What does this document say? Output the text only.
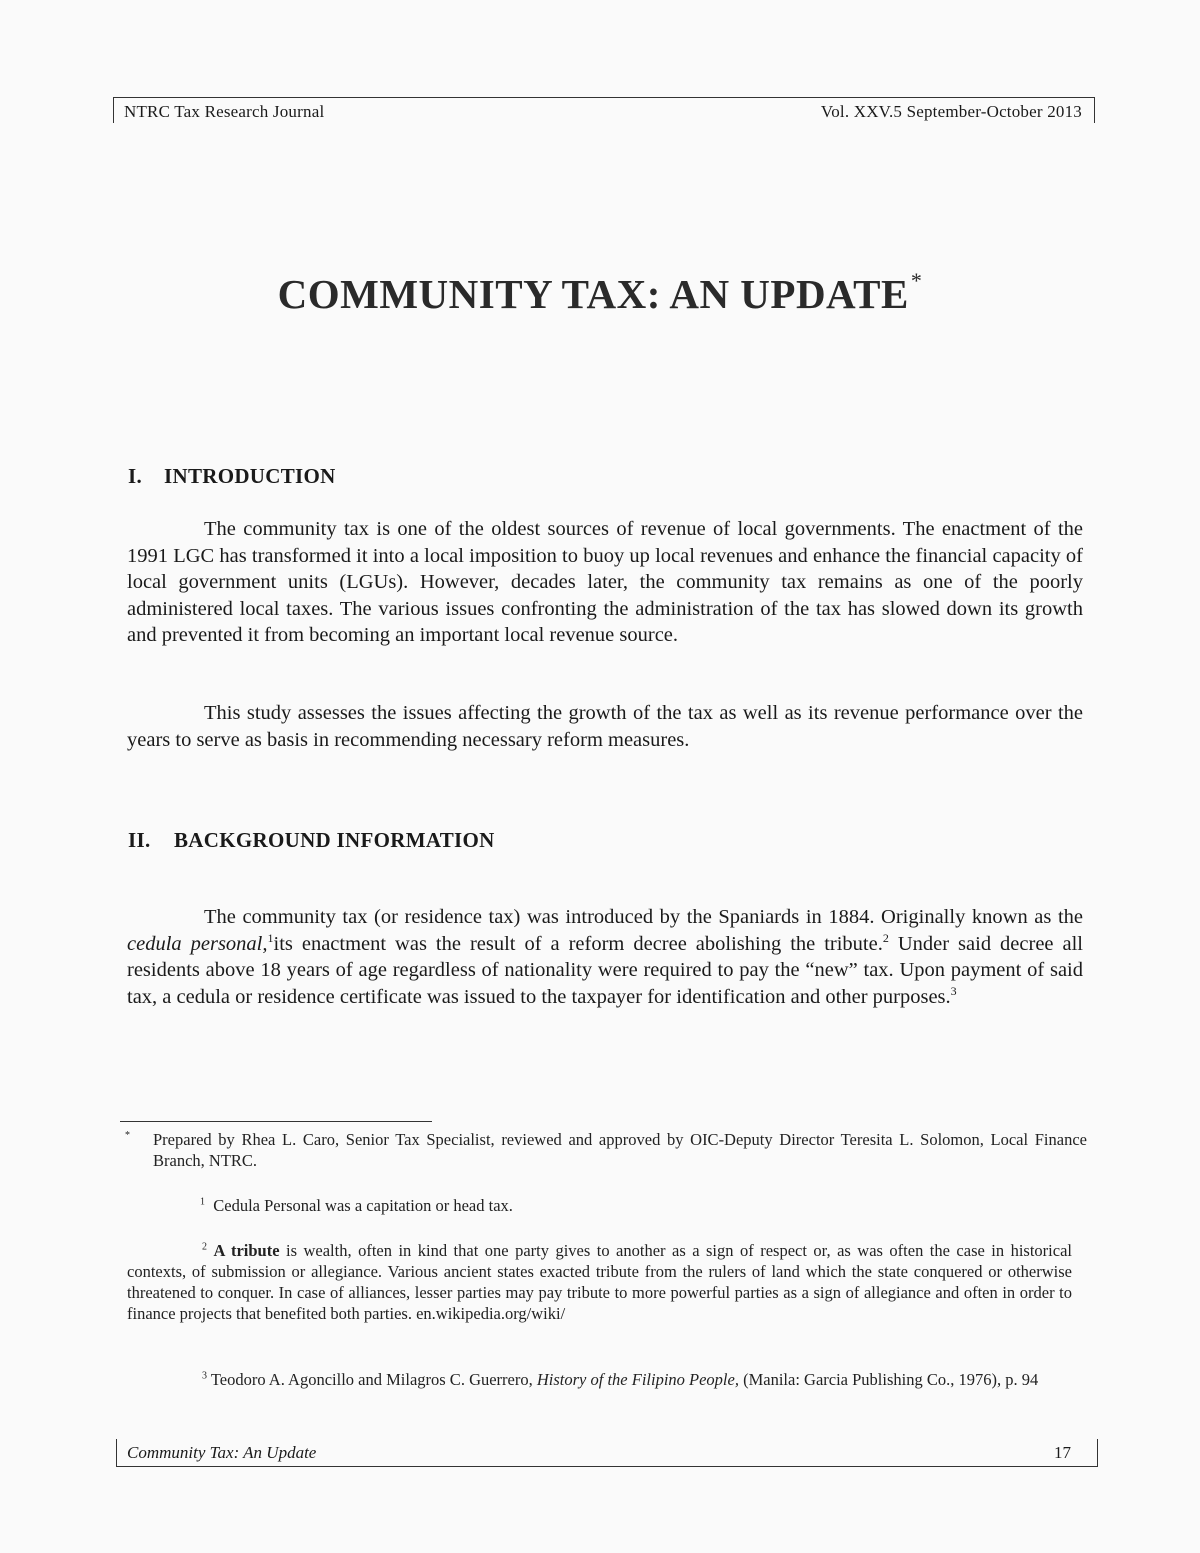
NTRC Tax Research Journal	Vol. XXV.5 September-October 2013
COMMUNITY TAX: AN UPDATE*
I. INTRODUCTION
The community tax is one of the oldest sources of revenue of local governments. The enactment of the 1991 LGC has transformed it into a local imposition to buoy up local revenues and enhance the financial capacity of local government units (LGUs). However, decades later, the community tax remains as one of the poorly administered local taxes. The various issues confronting the administration of the tax has slowed down its growth and prevented it from becoming an important local revenue source.
This study assesses the issues affecting the growth of the tax as well as its revenue performance over the years to serve as basis in recommending necessary reform measures.
II. BACKGROUND INFORMATION
The community tax (or residence tax) was introduced by the Spaniards in 1884. Originally known as the cedula personal,$^1$its enactment was the result of a reform decree abolishing the tribute.$^2$ Under said decree all residents above 18 years of age regardless of nationality were required to pay the “new” tax. Upon payment of said tax, a cedula or residence certificate was issued to the taxpayer for identification and other purposes.$^3$
*	Prepared by Rhea L. Caro, Senior Tax Specialist, reviewed and approved by OIC-Deputy Director Teresita L. Solomon, Local Finance Branch, NTRC.
$^1$ Cedula Personal was a capitation or head tax.
$^2$ A tribute is wealth, often in kind that one party gives to another as a sign of respect or, as was often the case in historical contexts, of submission or allegiance. Various ancient states exacted tribute from the rulers of land which the state conquered or otherwise threatened to conquer. In case of alliances, lesser parties may pay tribute to more powerful parties as a sign of allegiance and often in order to finance projects that benefited both parties. en.wikipedia.org/wiki/
$^3$ Teodoro A. Agoncillo and Milagros C. Guerrero, History of the Filipino People, (Manila: Garcia Publishing Co., 1976), p. 94
Community Tax: An Update	17
